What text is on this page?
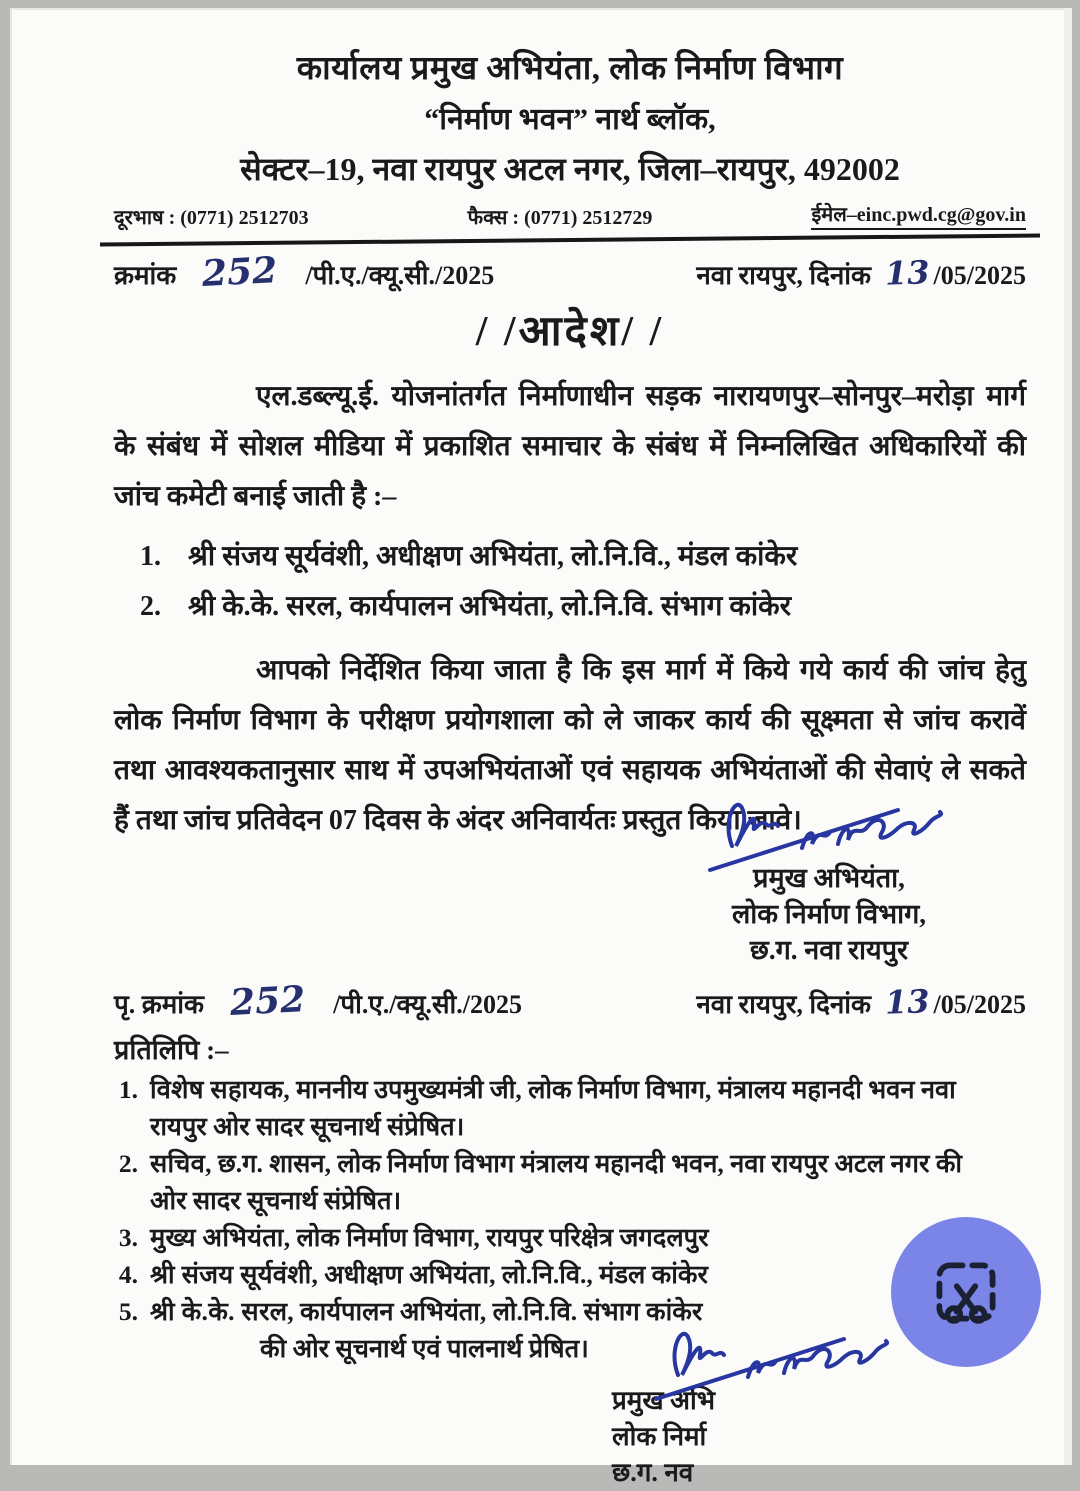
कार्यालय प्रमुख अभियंता, लोक निर्माण विभाग
“निर्माण भवन” नार्थ ब्लॉक,
सेक्टर–19, नवा रायपुर अटल नगर, जिला–रायपुर, 492002
दूरभाष : (0771) 2512703	फैक्स : (0771) 2512729	ईमेल–einc.pwd.cg@gov.in
क्रमांक 252 /पी.ए./क्यू.सी./2025	नवा रायपुर, दिनांक 13 /05/2025
/ /आदेश/ /
एल.डब्ल्यू.ई. योजनांतर्गत निर्माणाधीन सड़क नारायणपुर–सोनपुर–मरोड़ा मार्ग
के संबंध में सोशल मीडिया में प्रकाशित समाचार के संबंध में निम्नलिखित अधिकारियों की
जांच कमेटी बनाई जाती है :–
1. श्री संजय सूर्यवंशी, अधीक्षण अभियंता, लो.नि.वि., मंडल कांकेर
2. श्री के.के. सरल, कार्यपालन अभियंता, लो.नि.वि. संभाग कांकेर
आपको निर्देशित किया जाता है कि इस मार्ग में किये गये कार्य की जांच हेतु
लोक निर्माण विभाग के परीक्षण प्रयोगशाला को ले जाकर कार्य की सूक्ष्मता से जांच करावें
तथा आवश्यकतानुसार साथ में उपअभियंताओं एवं सहायक अभियंताओं की सेवाएं ले सकते
हैं तथा जांच प्रतिवेदन 07 दिवस के अंदर अनिवार्यतः प्रस्तुत किया जावे।
प्रमुख अभियंता,
लोक निर्माण विभाग,
छ.ग. नवा रायपुर
पृ. क्रमांक 252 /पी.ए./क्यू.सी./2025	नवा रायपुर, दिनांक 13 /05/2025
प्रतिलिपि :–
1. विशेष सहायक, माननीय उपमुख्यमंत्री जी, लोक निर्माण विभाग, मंत्रालय महानदी भवन नवा रायपुर ओर सादर सूचनार्थ संप्रेषित।
2. सचिव, छ.ग. शासन, लोक निर्माण विभाग मंत्रालय महानदी भवन, नवा रायपुर अटल नगर की ओर सादर सूचनार्थ संप्रेषित।
3. मुख्य अभियंता, लोक निर्माण विभाग, रायपुर परिक्षेत्र जगदलपुर
4. श्री संजय सूर्यवंशी, अधीक्षण अभियंता, लो.नि.वि., मंडल कांकेर
5. श्री के.के. सरल, कार्यपालन अभियंता, लो.नि.वि. संभाग कांकेर
की ओर सूचनार्थ एवं पालनार्थ प्रेषित।
प्रमुख अभि
लोक निर्मा
छ.ग. नव
